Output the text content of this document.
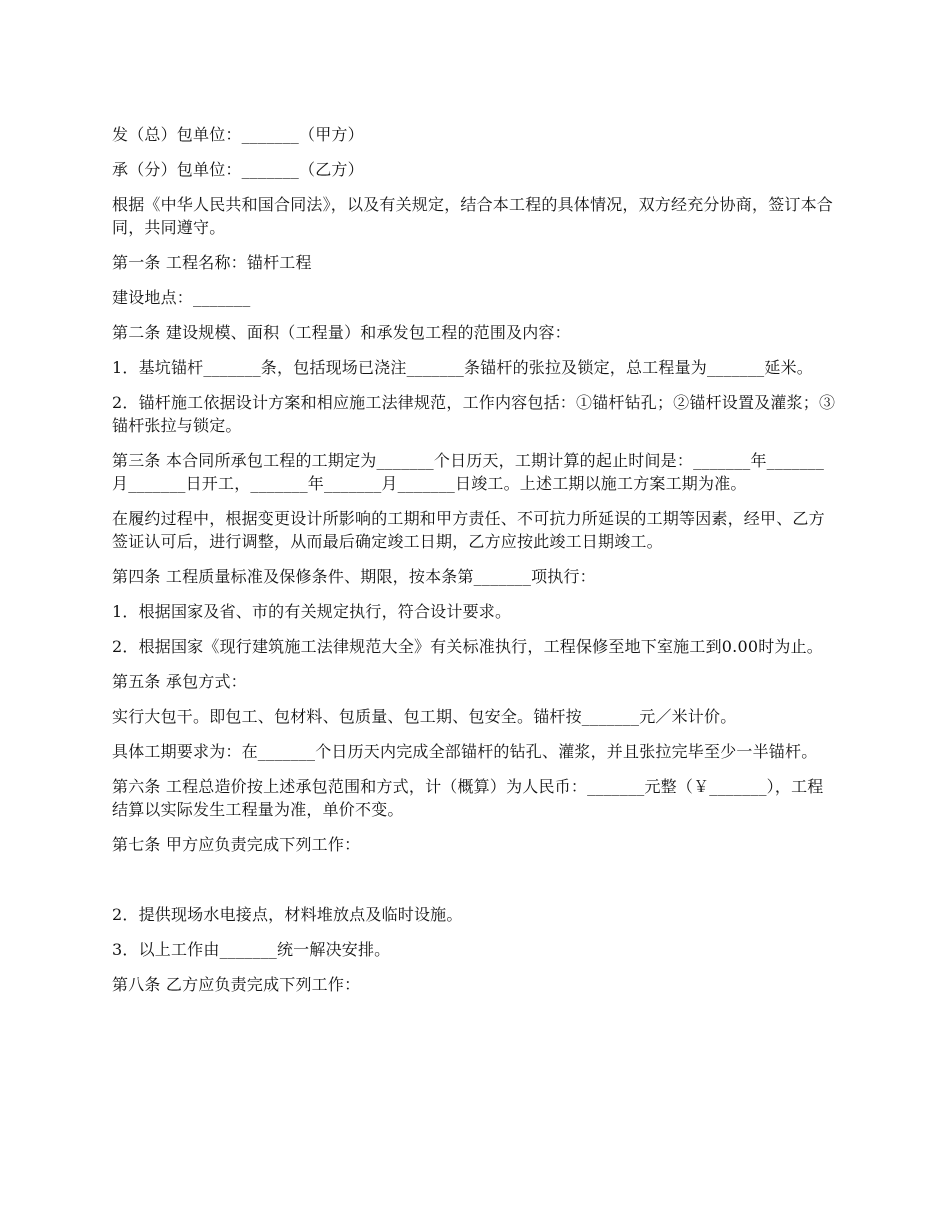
发（总）包单位：_______（甲方）

承（分）包单位：_______（乙方）

根据《中华人民共和国合同法》，以及有关规定，结合本工程的具体情况，双方经充分协商，签订本合同，共同遵守。

第一条 工程名称：锚杆工程

建设地点：_______

第二条 建设规模、面积（工程量）和承发包工程的范围及内容：

1．基坑锚杆_______条，包括现场已浇注_______条锚杆的张拉及锁定，总工程量为_______延米。

2．锚杆施工依据设计方案和相应施工法律规范，工作内容包括：①锚杆钻孔；②锚杆设置及灌浆；③锚杆张拉与锁定。

第三条 本合同所承包工程的工期定为_______个日历天，工期计算的起止时间是：_______年_______月_______日开工，_______年_______月_______日竣工。上述工期以施工方案工期为准。

在履约过程中，根据变更设计所影响的工期和甲方责任、不可抗力所延误的工期等因素，经甲、乙方签证认可后，进行调整，从而最后确定竣工日期，乙方应按此竣工日期竣工。

第四条 工程质量标准及保修条件、期限，按本条第_______项执行：

1．根据国家及省、市的有关规定执行，符合设计要求。

2．根据国家《现行建筑施工法律规范大全》有关标准执行，工程保修至地下室施工到0.00时为止。

第五条 承包方式：

实行大包干。即包工、包材料、包质量、包工期、包安全。锚杆按_______元／米计价。

具体工期要求为：在_______个日历天内完成全部锚杆的钻孔、灌浆，并且张拉完毕至少一半锚杆。

第六条 工程总造价按上述承包范围和方式，计（概算）为人民币：_______元整（￥_______），工程结算以实际发生工程量为准，单价不变。

第七条 甲方应负责完成下列工作：

2．提供现场水电接点，材料堆放点及临时设施。

3．以上工作由_______统一解决安排。

第八条 乙方应负责完成下列工作：
